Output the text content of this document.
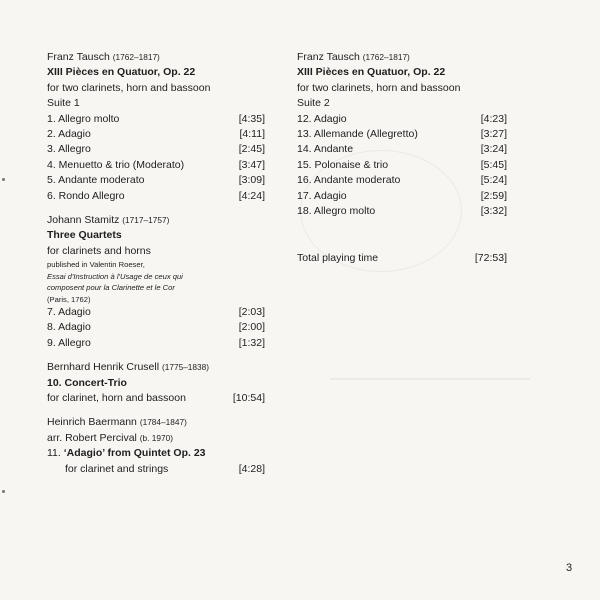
Franz Tausch (1762–1817)
XIII Pièces en Quatuor, Op. 22
for two clarinets, horn and bassoon
Suite 1
1. Allegro molto	[4:35]
2. Adagio	[4:11]
3. Allegro	[2:45]
4. Menuetto & trio (Moderato)	[3:47]
5. Andante moderato	[3:09]
6. Rondo Allegro	[4:24]
Johann Stamitz (1717–1757)
Three Quartets
for clarinets and horns
published in Valentin Roeser,
Essai d'Instruction à l'Usage de ceux qui
composent pour la Clarinette et le Cor
(Paris, 1762)
7. Adagio	[2:03]
8. Adagio	[2:00]
9. Allegro	[1:32]
Bernhard Henrik Crusell (1775–1838)
10. Concert-Trio
for clarinet, horn and bassoon	[10:54]
Heinrich Baermann (1784–1847)
arr. Robert Percival (b. 1970)
11. ‘Adagio’ from Quintet Op. 23
for clarinet and strings	[4:28]
Franz Tausch (1762–1817)
XIII Pièces en Quatuor, Op. 22
for two clarinets, horn and bassoon
Suite 2
12. Adagio	[4:23]
13. Allemande (Allegretto)	[3:27]
14. Andante	[3:24]
15. Polonaise & trio	[5:45]
16. Andante moderato	[5:24]
17. Adagio	[2:59]
18. Allegro molto	[3:32]
Total playing time	[72:53]
3
